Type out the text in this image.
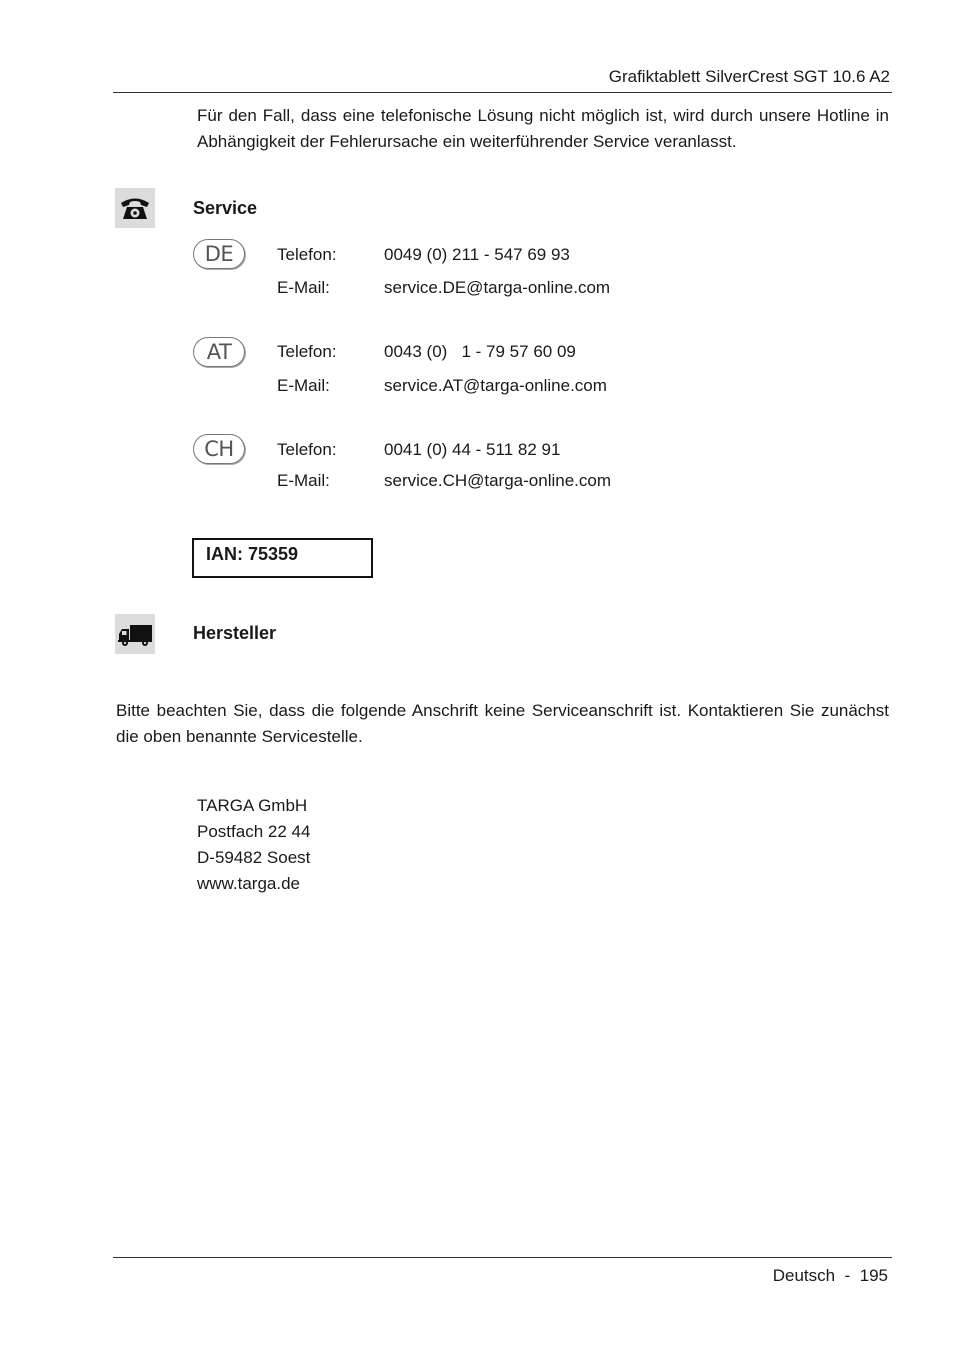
Grafiktablett SilverCrest SGT 10.6 A2
Für den Fall, dass eine telefonische Lösung nicht möglich ist, wird durch unsere Hotline in Abhängigkeit der Fehlerursache ein weiterführender Service veranlasst.
Service
DE	Telefon:	0049 (0) 211 - 547 69 93
E-Mail:	service.DE@targa-online.com
AT	Telefon:	0043 (0)   1 - 79 57 60 09
E-Mail:	service.AT@targa-online.com
CH	Telefon:	0041 (0) 44 - 511 82 91
E-Mail:	service.CH@targa-online.com
IAN: 75359
Hersteller
Bitte beachten Sie, dass die folgende Anschrift keine Serviceanschrift ist. Kontaktieren Sie zunächst die oben benannte Servicestelle.
TARGA GmbH
Postfach 22 44
D-59482 Soest
www.targa.de
Deutsch  -  195
